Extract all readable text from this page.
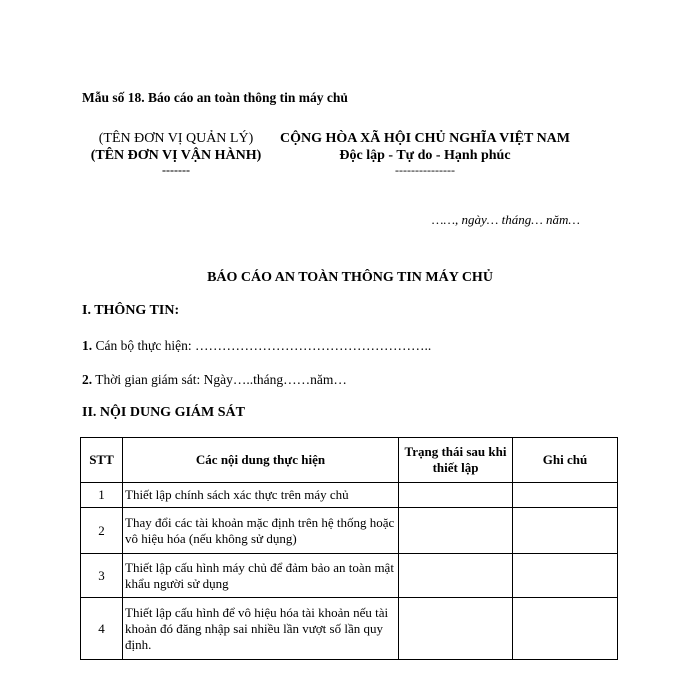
Mẫu số 18. Báo cáo an toàn thông tin máy chủ
(TÊN ĐƠN VỊ QUẢN LÝ)
(TÊN ĐƠN VỊ VẬN HÀNH)
-------
CỘNG HÒA XÃ HỘI CHỦ NGHĨA VIỆT NAM
Độc lập - Tự do - Hạnh phúc
---------------
……, ngày… tháng… năm…
BÁO CÁO AN TOÀN THÔNG TIN MÁY CHỦ
I. THÔNG TIN:
1. Cán bộ thực hiện: ……………………………………………..
2. Thời gian giám sát: Ngày…..tháng……năm…
II. NỘI DUNG GIÁM SÁT
STT	Các nội dung thực hiện	Trạng thái sau khi thiết lập	Ghi chú
1	Thiết lập chính sách xác thực trên máy chủ		
2	Thay đổi các tài khoản mặc định trên hệ thống hoặc vô hiệu hóa (nếu không sử dụng)		
3	Thiết lập cấu hình máy chủ để đảm bảo an toàn mật khẩu người sử dụng		
4	Thiết lập cấu hình để vô hiệu hóa tài khoản nếu tài khoản đó đăng nhập sai nhiều lần vượt số lần quy định.		
